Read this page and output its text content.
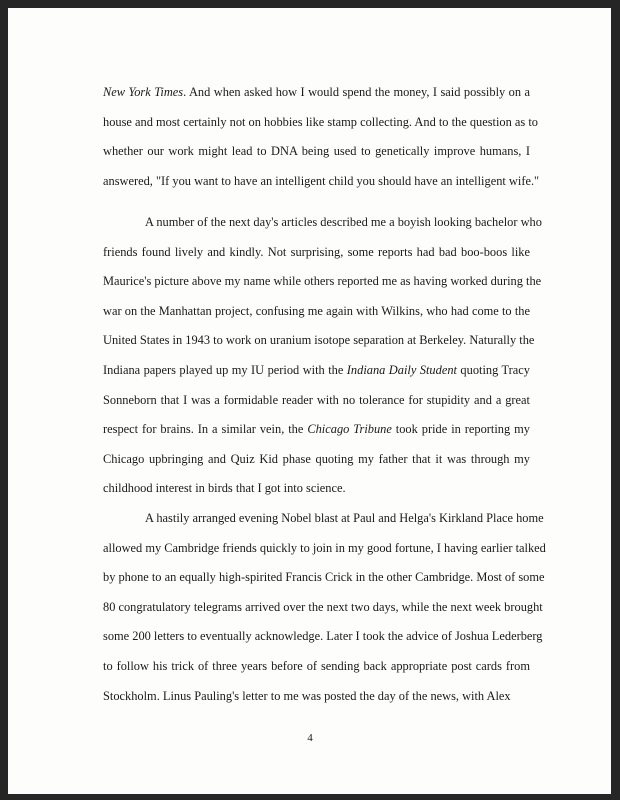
New York Times. And when asked how I would spend the money, I said possibly on a
house and most certainly not on hobbies like stamp collecting. And to the question as to
whether our work might lead to DNA being used to genetically improve humans, I
answered, "If you want to have an intelligent child you should have an intelligent wife."
A number of the next day's articles described me a boyish looking bachelor who
friends found lively and kindly. Not surprising, some reports had bad boo-boos like
Maurice's picture above my name while others reported me as having worked during the
war on the Manhattan project, confusing me again with Wilkins, who had come to the
United States in 1943 to work on uranium isotope separation at Berkeley. Naturally the
Indiana papers played up my IU period with the Indiana Daily Student quoting Tracy
Sonneborn that I was a formidable reader with no tolerance for stupidity and a great
respect for brains. In a similar vein, the Chicago Tribune took pride in reporting my
Chicago upbringing and Quiz Kid phase quoting my father that it was through my
childhood interest in birds that I got into science.
A hastily arranged evening Nobel blast at Paul and Helga's Kirkland Place home
allowed my Cambridge friends quickly to join in my good fortune, I having earlier talked
by phone to an equally high-spirited Francis Crick in the other Cambridge. Most of some
80 congratulatory telegrams arrived over the next two days, while the next week brought
some 200 letters to eventually acknowledge. Later I took the advice of Joshua Lederberg
to follow his trick of three years before of sending back appropriate post cards from
Stockholm. Linus Pauling's letter to me was posted the day of the news, with Alex
4
